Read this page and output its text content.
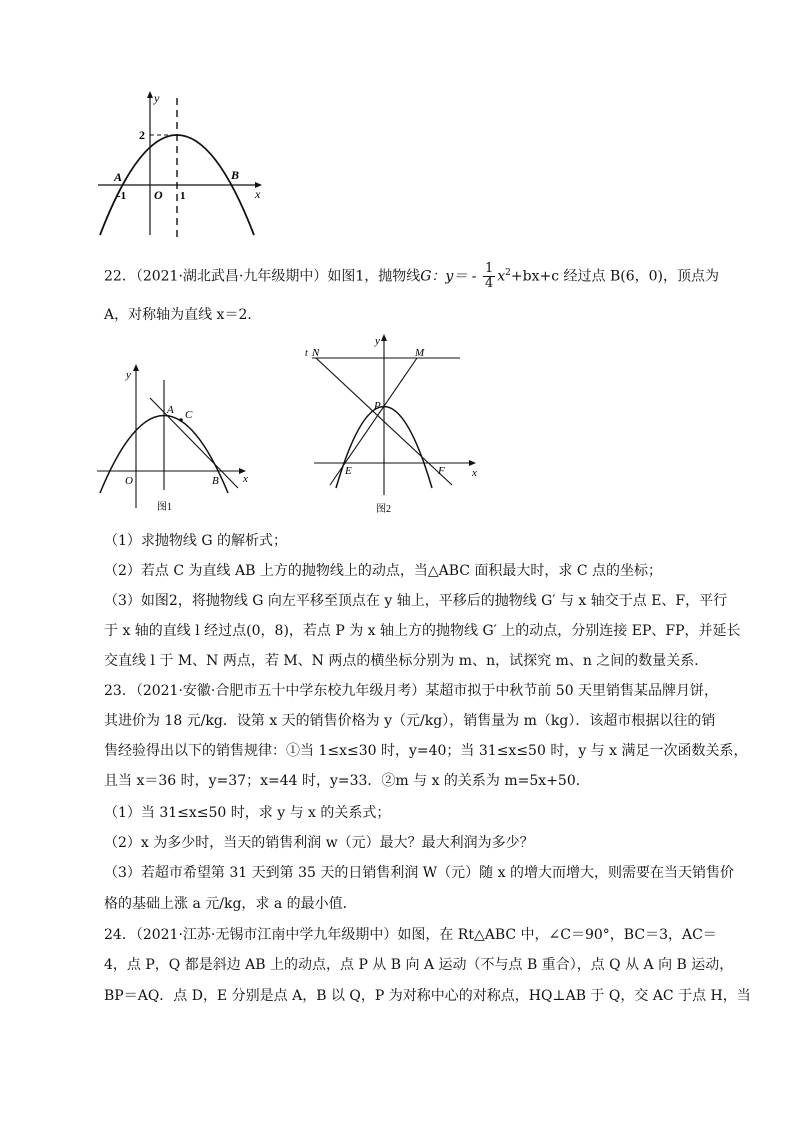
y
2
A
-1 O 1
B
x
22．（2021·湖北武昌·九年级期中）如图1，抛物线G：$y= - \frac{1}{4} x^2+bx+c$ 经过点 B(6，0)，顶点为
A，对称轴为直线 x＝2．
y
A C
O	B x
图1
y
t N	M
P
E	F x
图2
（1）求抛物线 G 的解析式；
（2）若点 C 为直线 AB 上方的抛物线上的动点，当△ABC 面积最大时，求 C 点的坐标；
（3）如图2，将抛物线 G 向左平移至顶点在 y 轴上，平移后的抛物线 G′ 与 x 轴交于点 E、F，平行
于 x 轴的直线 l 经过点(0，8)，若点 P 为 x 轴上方的抛物线 G′ 上的动点，分别连接 EP、FP，并延长
交直线 l 于 M、N 两点，若 M、N 两点的横坐标分别为 m、n，试探究 m、n 之间的数量关系．
23．（2021·安徽·合肥市五十中学东校九年级月考）某超市拟于中秋节前 50 天里销售某品牌月饼，
其进价为 18 元/kg．设第 x 天的销售价格为 y（元/kg），销售量为 m（kg）．该超市根据以往的销
售经验得出以下的销售规律：①当 1≤x≤30 时，y=40；当 31≤x≤50 时，y 与 x 满足一次函数关系，
且当 x＝36 时，y=37；x=44 时，y=33．②m 与 x 的关系为 m=5x+50．
（1）当 31≤x≤50 时，求 y 与 x 的关系式；
（2）x 为多少时，当天的销售利润 w（元）最大？最大利润为多少？
（3）若超市希望第 31 天到第 35 天的日销售利润 W（元）随 x 的增大而增大，则需要在当天销售价
格的基础上涨 a 元/kg，求 a 的最小值．
24．（2021·江苏·无锡市江南中学九年级期中）如图，在 Rt△ABC 中，∠C＝90°，BC＝3，AC＝
4，点 P，Q 都是斜边 AB 上的动点，点 P 从 B 向 A 运动（不与点 B 重合），点 Q 从 A 向 B 运动，
BP＝AQ．点 D，E 分别是点 A，B 以 Q，P 为对称中心的对称点，HQ⊥AB 于 Q，交 AC 于点 H，当
